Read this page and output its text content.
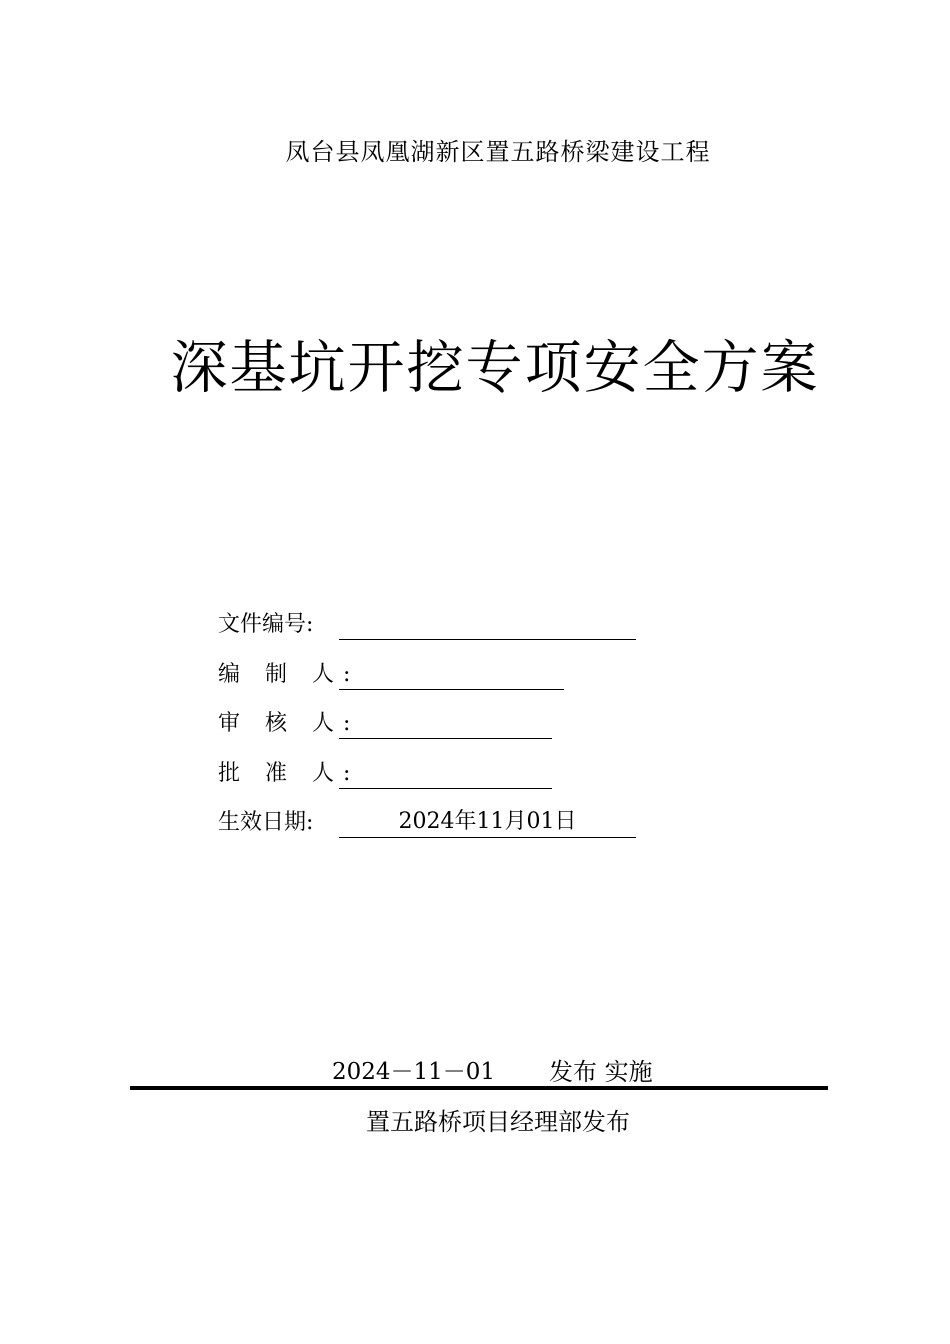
凤台县凤凰湖新区置五路桥梁建设工程
深基坑开挖专项安全方案
文件编号:
编 制 人:
审 核 人:
批 准 人:
生效日期:	2024年11月01日
2024－11－01 发布 实施
置五路桥项目经理部发布
